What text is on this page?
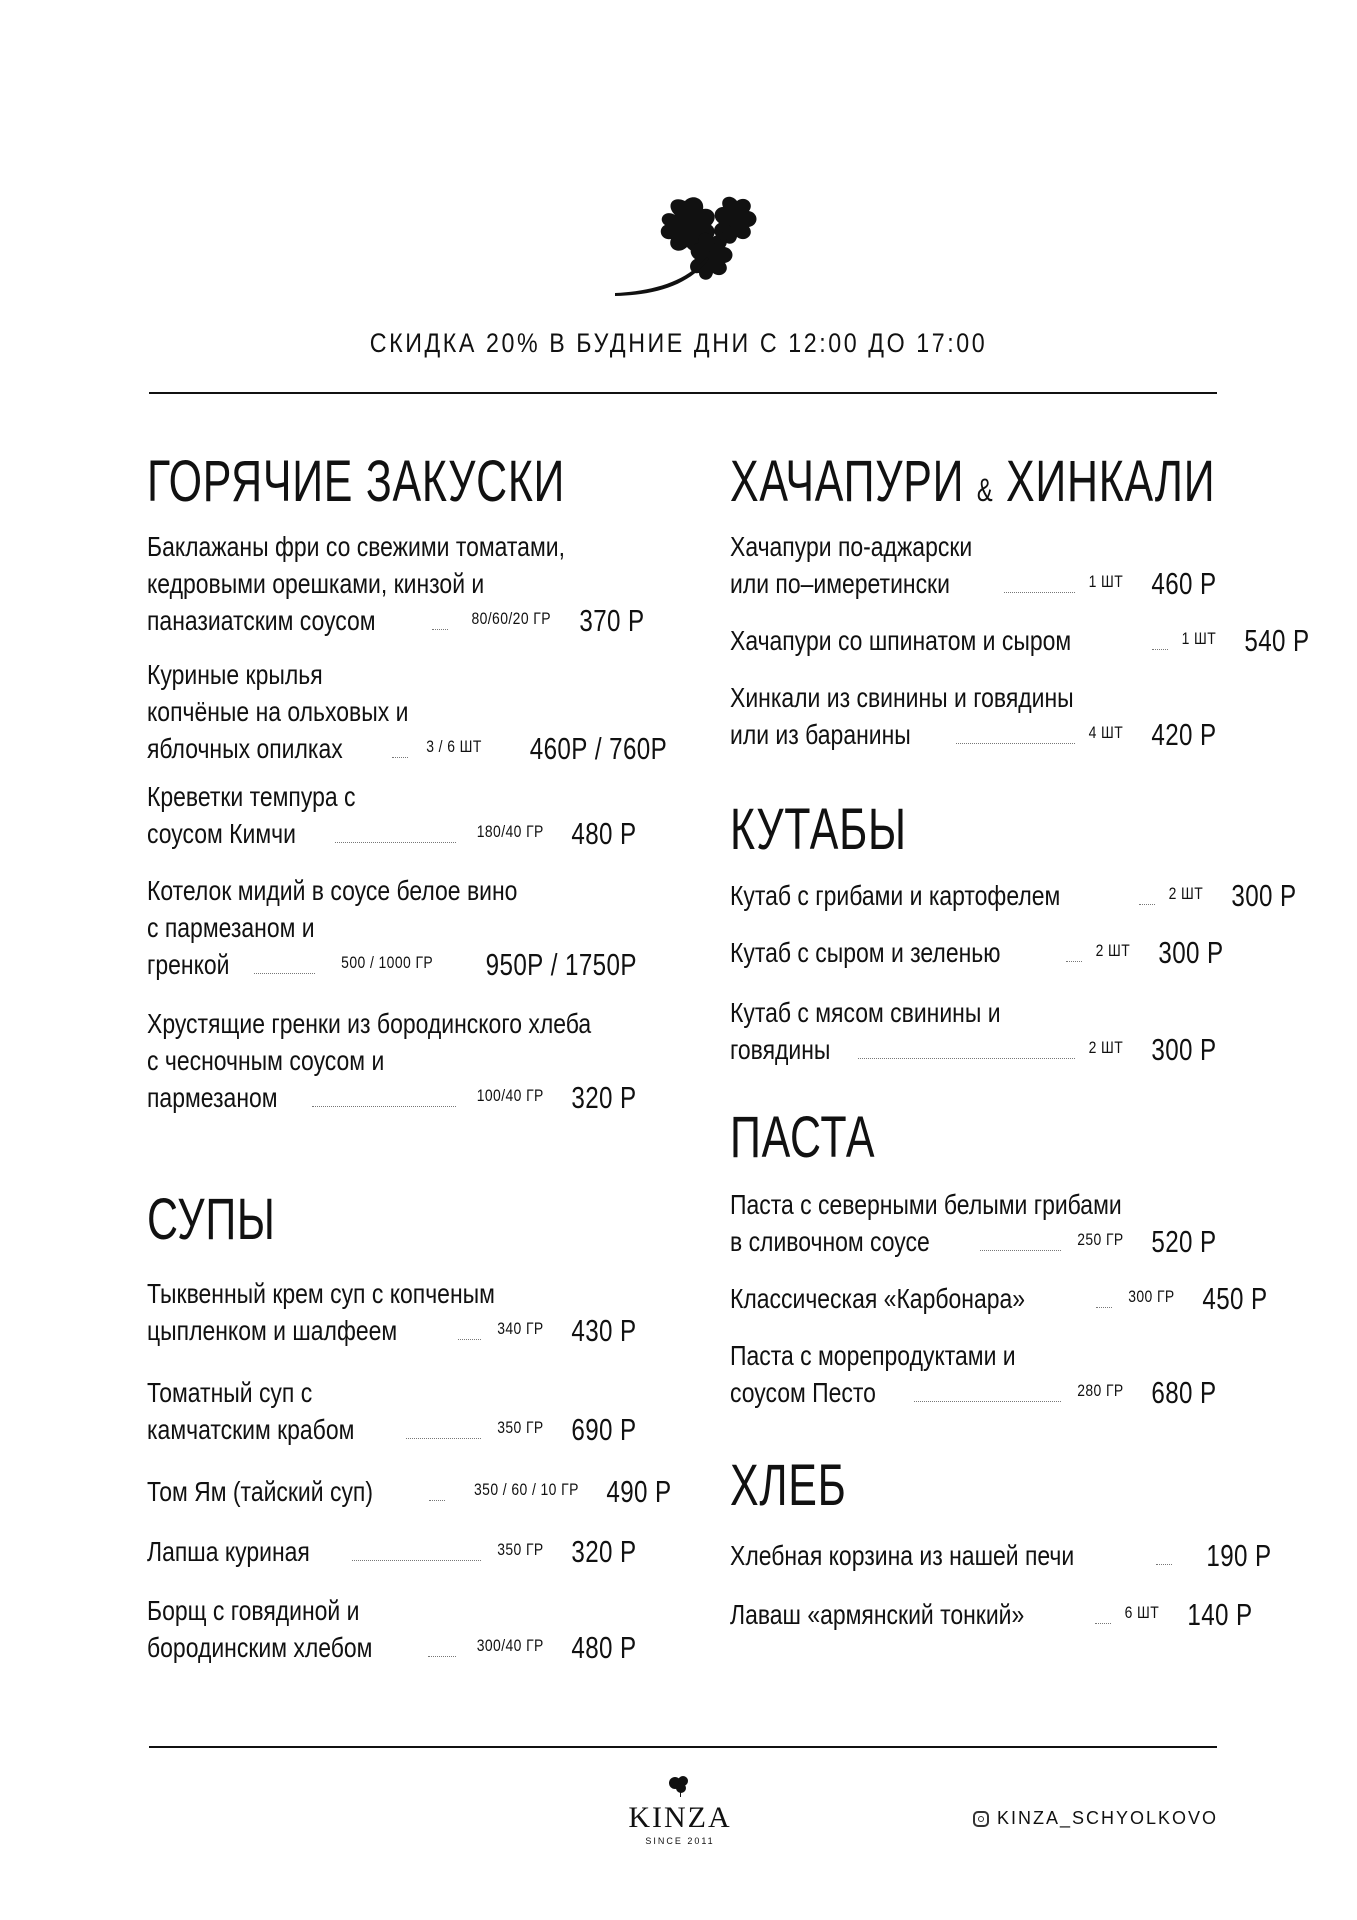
СКИДКА 20% В БУДНИЕ ДНИ С 12:00 ДО 17:00
ГОРЯЧИЕ ЗАКУСКИ
Баклажаны фри со свежими томатами,
кедровыми орешками, кинзой и
паназиатским соусом	80/60/20 ГР 370 Р
Куриные крылья
копчёные на ольховых и
яблочных опилках	3 / 6 ШТ 460Р / 760Р
Креветки темпура с
соусом Кимчи	180/40 ГР 480 Р
Котелок мидий в соусе белое вино
с пармезаном и
гренкой	500 / 1000 ГР 950Р / 1750Р
Хрустящие гренки из бородинского хлеба
с чесночным соусом и
пармезаном	100/40 ГР 320 Р
СУПЫ
Тыквенный крем суп с копченым
цыпленком и шалфеем	340 ГР 430 Р
Томатный суп с
камчатским крабом	350 ГР 690 Р
Том Ям (тайский суп)	350 / 60 / 10 ГР 490 Р
Лапша куриная	350 ГР 320 Р
Борщ с говядиной и
бородинским хлебом	300/40 ГР 480 Р
ХАЧАПУРИ & ХИНКАЛИ
Хачапури по-аджарски
или по–имеретински	1 ШТ 460 Р
Хачапури со шпинатом и сыром	1 ШТ 540 Р
Хинкали из свинины и говядины
или из баранины	4 ШТ 420 Р
КУТАБЫ
Кутаб с грибами и картофелем	2 ШТ 300 Р
Кутаб с сыром и зеленью	2 ШТ 300 Р
Кутаб с мясом свинины и
говядины	2 ШТ 300 Р
ПАСТА
Паста с северными белыми грибами
в сливочном соусе	250 ГР 520 Р
Классическая «Карбонара»	300 ГР 450 Р
Паста с морепродуктами и
соусом Песто	280 ГР 680 Р
ХЛЕБ
Хлебная корзина из нашей печи	190 Р
Лаваш «армянский тонкий»	6 ШТ 140 Р
KINZA
SINCE 2011
KINZA_SCHYOLKOVO
